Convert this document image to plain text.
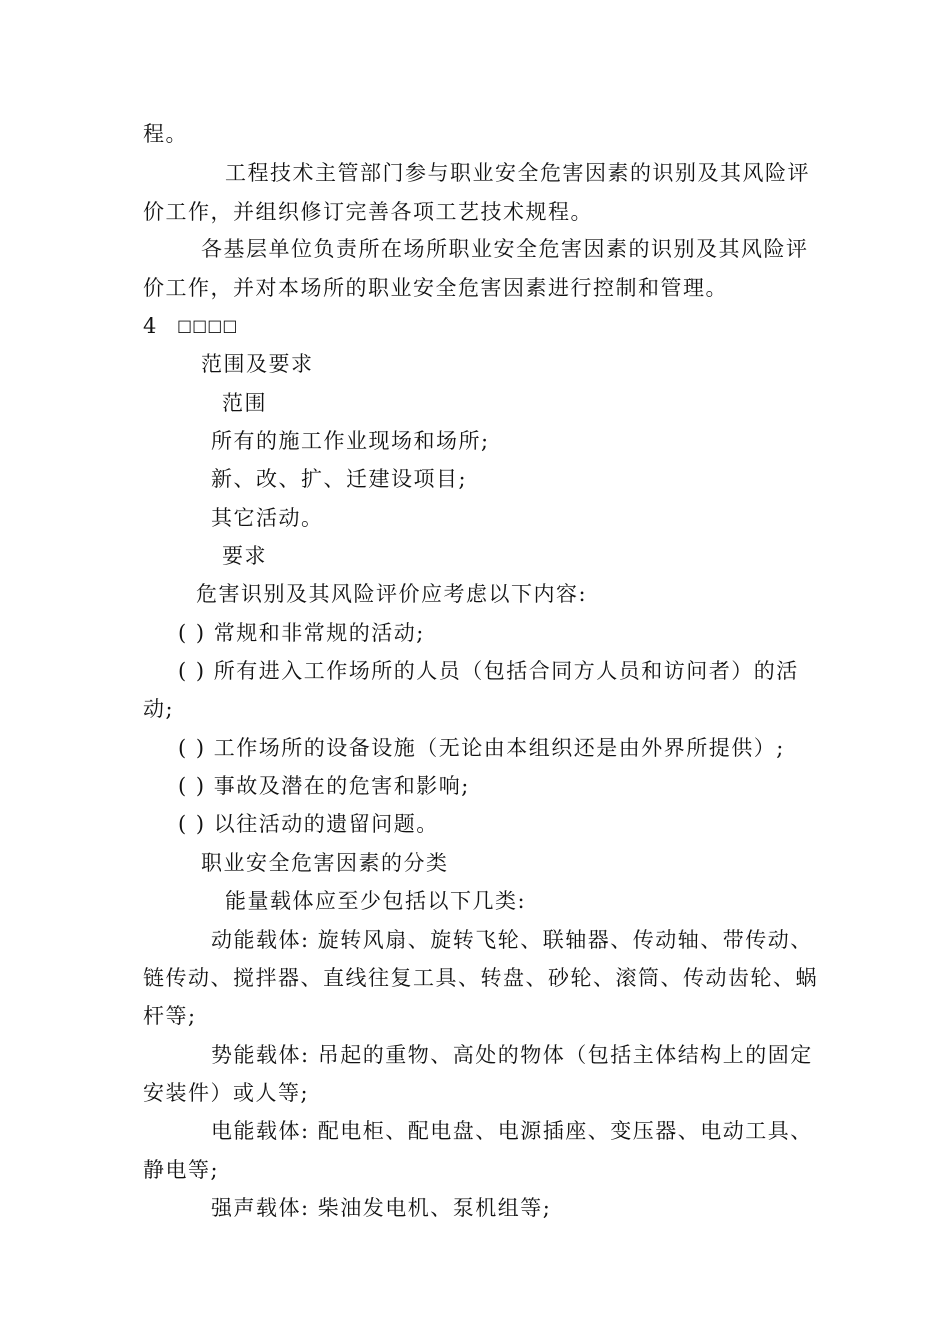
程。
工程技术主管部门参与职业安全危害因素的识别及其风险评
价工作，并组织修订完善各项工艺技术规程。
各基层单位负责所在场所职业安全危害因素的识别及其风险评
价工作，并对本场所的职业安全危害因素进行控制和管理。
4 □□□□
范围及要求
范围
所有的施工作业现场和场所;
新、改、扩、迁建设项目;
其它活动。
要求
危害识别及其风险评价应考虑以下内容:
( ) 常规和非常规的活动;
( ) 所有进入工作场所的人员（包括合同方人员和访问者）的活
动;
( ) 工作场所的设备设施（无论由本组织还是由外界所提供）;
( ) 事故及潜在的危害和影响;
( ) 以往活动的遗留问题。
职业安全危害因素的分类
能量载体应至少包括以下几类:
动能载体: 旋转风扇、旋转飞轮、联轴器、传动轴、带传动、
链传动、搅拌器、直线往复工具、转盘、砂轮、滚筒、传动齿轮、蜗
杆等;
势能载体: 吊起的重物、高处的物体（包括主体结构上的固定
安装件）或人等;
电能载体: 配电柜、配电盘、电源插座、变压器、电动工具、
静电等;
强声载体: 柴油发电机、泵机组等;
